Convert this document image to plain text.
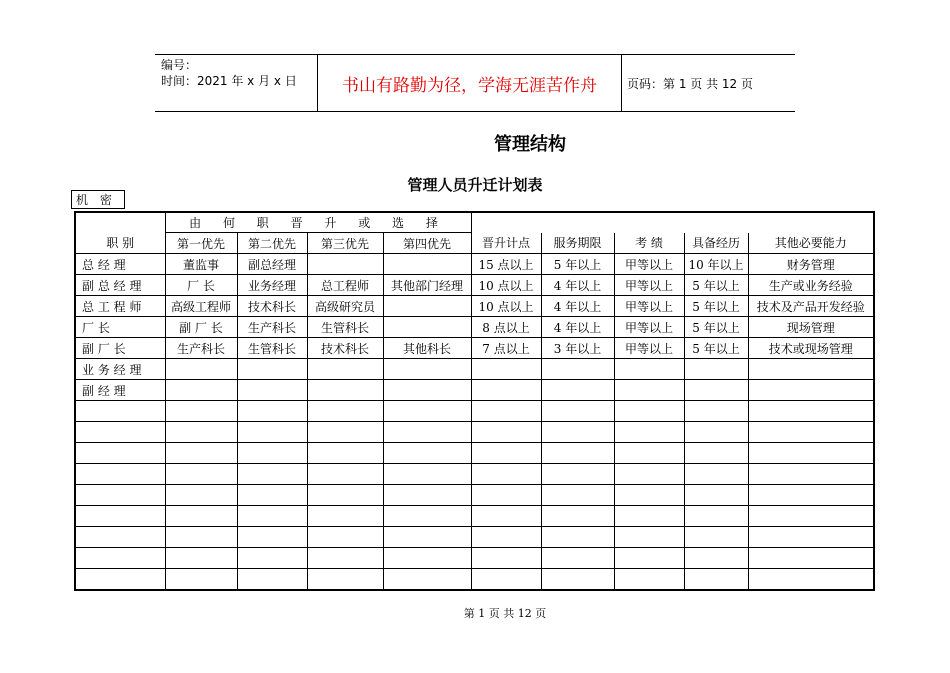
编号：
时间：2021 年 x 月 x 日	书山有路勤为径，学海无涯苦作舟	页码：第 1 页 共 12 页
管理结构
管理人员升迁计划表
机 密
	由 何 职 晋 升 或 选 择								
职 别	第一优先	第二优先	第三优先	第四优先	晋升计点	服务期限	考 绩	具备经历	其他必要能力
总 经 理	董监事	副总经理			15 点以上	5 年以上	甲等以上	10 年以上	财务管理
副 总 经 理	厂 长	业务经理	总工程师	其他部门经理	10 点以上	4 年以上	甲等以上	5 年以上	生产或业务经验
总 工 程 师	高级工程师	技术科长	高级研究员		10 点以上	4 年以上	甲等以上	5 年以上	技术及产品开发经验
厂 长	副 厂 长	生产科长	生管科长		8 点以上	4 年以上	甲等以上	5 年以上	现场管理
副 厂 长	生产科长	生管科长	技术科长	其他科长	7 点以上	3 年以上	甲等以上	5 年以上	技术或现场管理
业 务 经 理									
副 经 理									

第 1 页 共 12 页
